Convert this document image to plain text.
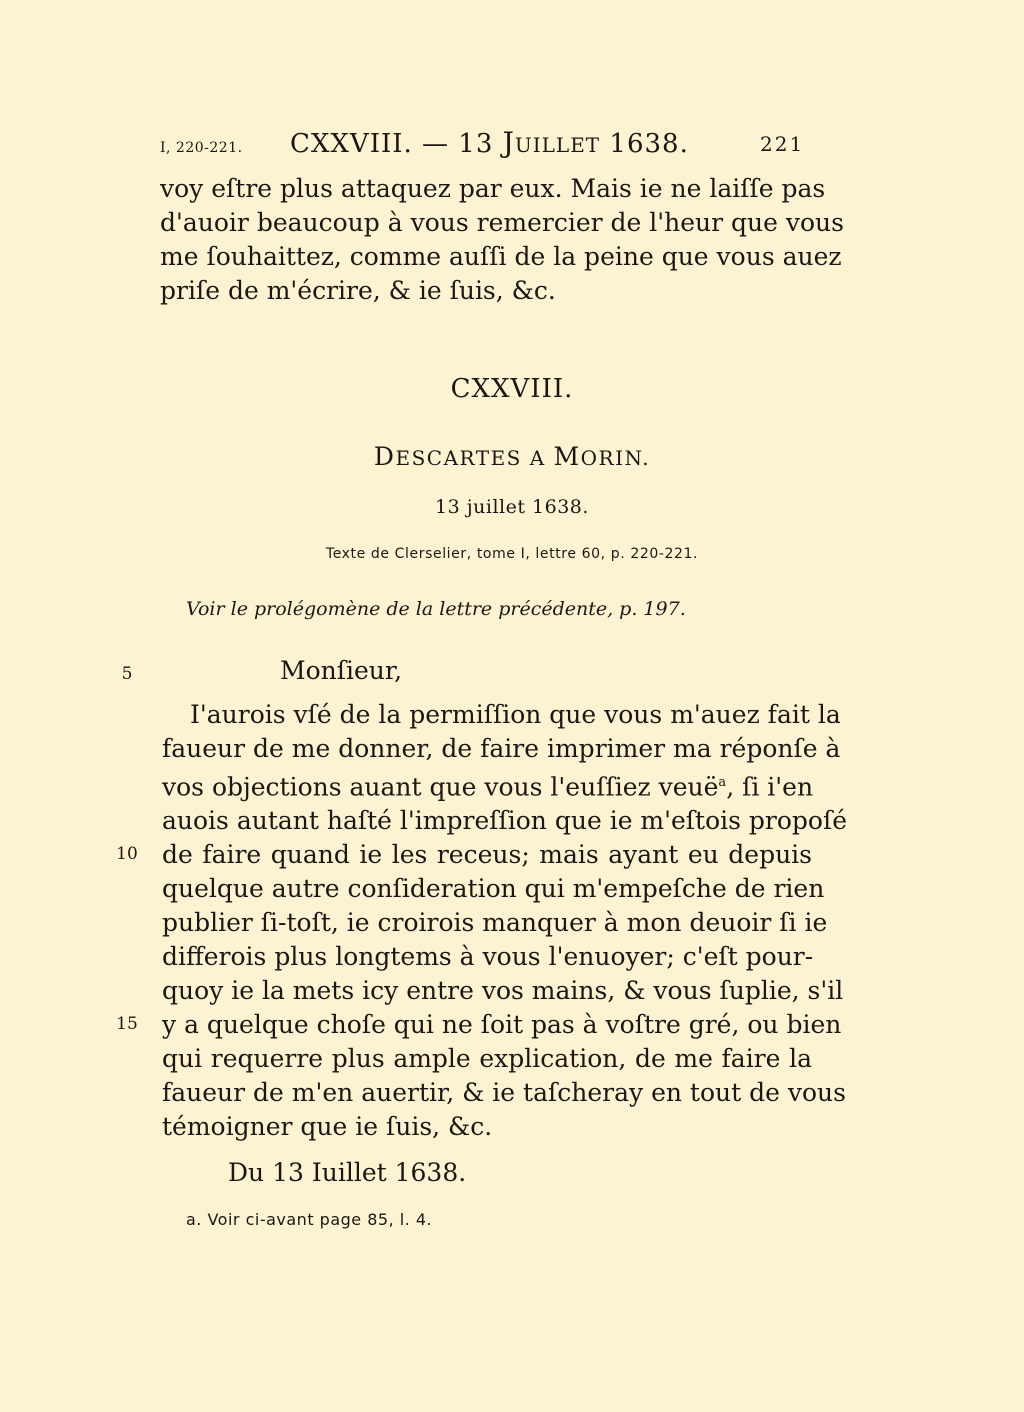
I, 220-221. CXXVIII. — 13 JUILLET 1638.	221
voy eſtre plus attaquez par eux. Mais ie ne laiſſe pas
d'auoir beaucoup à vous remercier de l'heur que vous
me ſouhaittez, comme auſſi de la peine que vous auez
priſe de m'écrire, & ie ſuis, &c.
CXXVIII.
DESCARTES A MORIN.
13 juillet 1638.
Texte de Clerselier, tome I, lettre 60, p. 220-221.
Voir le prolégomène de la lettre précédente, p. 197.
5
10
15
Monſieur,
I'aurois vſé de la permiſſion que vous m'auez fait la
faueur de me donner, de faire imprimer ma réponſe à
vos objections auant que vous l'euſſiez veuë$^a$, ſi i'en
auois autant haſté l'impreſſion que ie m'eſtois propoſé
de faire quand ie les receus; mais ayant eu depuis
quelque autre conſideration qui m'empeſche de rien
publier ſi-toſt, ie croirois manquer à mon deuoir ſi ie
differois plus longtems à vous l'enuoyer; c'eſt pour-
quoy ie la mets icy entre vos mains, & vous ſuplie, s'il
y a quelque choſe qui ne ſoit pas à voſtre gré, ou bien
qui requerre plus ample explication, de me faire la
faueur de m'en auertir, & ie taſcheray en tout de vous
témoigner que ie ſuis, &c.
Du 13 Iuillet 1638.
a. Voir ci-avant page 85, l. 4.
